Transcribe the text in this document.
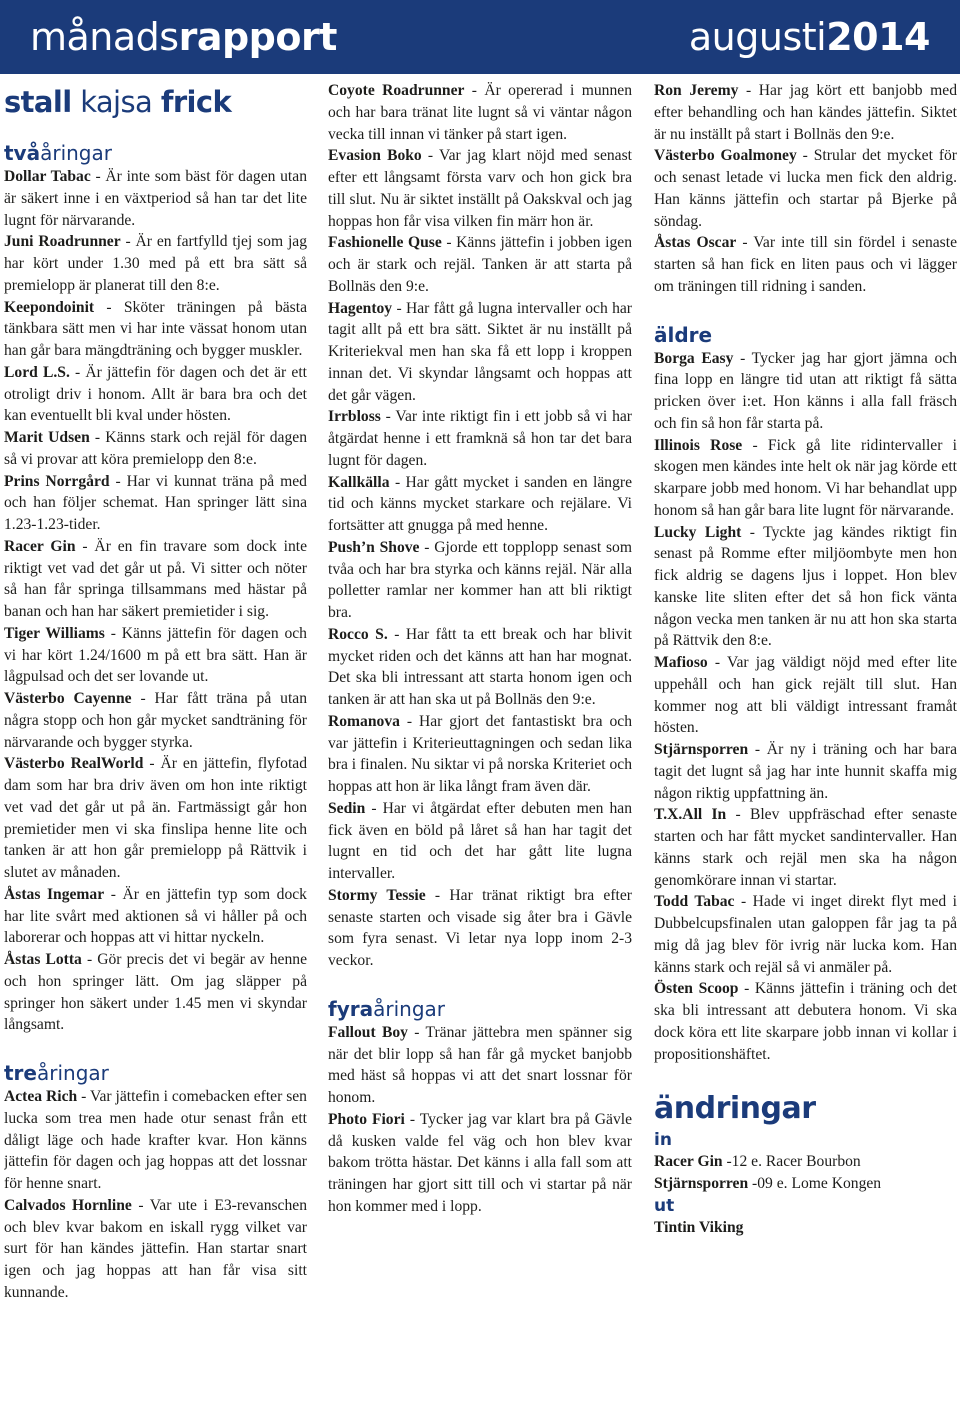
månadsrapport	augusti2014
stall kajsa frick
tvååringar

Dollar Tabac - Är inte som bäst för dagen utan är säkert inne i en växtperiod så han tar det lite lugnt för närvarande.

Juni Roadrunner - Är en fartfylld tjej som jag har kört under 1.30 med på ett bra sätt så premielopp är planerat till den 8:e.

Keepondoinit - Sköter träningen på bästa tänkbara sätt men vi har inte vässat honom utan han går bara mängdträning och bygger muskler.

Lord L.S. - Är jättefin för dagen och det är ett otroligt driv i honom. Allt är bara bra och det kan eventuellt bli kval under hösten.

Marit Udsen - Känns stark och rejäl för dagen så vi provar att köra premielopp den 8:e.

Prins Norrgård - Har vi kunnat träna på med och han följer schemat. Han springer lätt sina 1.23-1.23-tider.

Racer Gin - Är en fin travare som dock inte riktigt vet vad det går ut på. Vi sitter och nöter så han får springa tillsammans med hästar på banan och han har säkert premietider i sig.

Tiger Williams - Känns jättefin för dagen och vi har kört 1.24/1600 m på ett bra sätt. Han är lågpulsad och det ser lovande ut.

Västerbo Cayenne - Har fått träna på utan några stopp och hon går mycket sandträning för närvarande och bygger styrka.

Västerbo RealWorld - Är en jättefin, flyfotad dam som har bra driv även om hon inte riktigt vet vad det går ut på än. Fartmässigt går hon premietider men vi ska finslipa henne lite och tanken är att hon går premielopp på Rättvik i slutet av månaden.

Åstas Ingemar - Är en jättefin typ som dock har lite svårt med aktionen så vi håller på och laborerar och hoppas att vi hittar nyckeln.

Åstas Lotta - Gör precis det vi begär av henne och hon springer lätt. Om jag släpper på springer hon säkert under 1.45 men vi skyndar långsamt.

treåringar

Actea Rich - Var jättefin i comebacken efter sen lucka som trea men hade otur senast från ett dåligt läge och hade krafter kvar. Hon känns jättefin för dagen och jag hoppas att det lossnar för henne snart.

Calvados Hornline - Var ute i E3-revanschen och blev kvar bakom en iskall rygg vilket var surt för han kändes jättefin. Han startar snart igen och jag hoppas att han får visa sitt kunnande.

Coyote Roadrunner - Är opererad i munnen och har bara tränat lite lugnt så vi väntar någon vecka till innan vi tänker på start igen.

Evasion Boko - Var jag klart nöjd med senast efter ett långsamt första varv och hon gick bra till slut. Nu är siktet inställt på Oakskval och jag hoppas hon får visa vilken fin märr hon är.

Fashionelle Quse - Känns jättefin i jobben igen och är stark och rejäl. Tanken är att starta på Bollnäs den 9:e.

Hagentoy - Har fått gå lugna intervaller och har tagit allt på ett bra sätt. Siktet är nu inställt på Kriteriekval men han ska få ett lopp i kroppen innan det. Vi skyndar långsamt och hoppas att det går vägen.

Irrbloss - Var inte riktigt fin i ett jobb så vi har åtgärdat henne i ett framknä så hon tar det bara lugnt för dagen.

Kallkälla - Har gått mycket i sanden en längre tid och känns mycket starkare och rejälare. Vi fortsätter att gnugga på med henne.

Push’n Shove - Gjorde ett topplopp senast som tvåa och har bra styrka och känns rejäl. När alla polletter ramlar ner kommer han att bli riktigt bra.

Rocco S. - Har fått ta ett break och har blivit mycket riden och det känns att han har mognat. Det ska bli intressant att starta honom igen och tanken är att han ska ut på Bollnäs den 9:e.

Romanova - Har gjort det fantastiskt bra och var jättefin i Kriterieuttagningen och sedan lika bra i finalen. Nu siktar vi på norska Kriteriet och hoppas att hon är lika långt fram även där.

Sedin - Har vi åtgärdat efter debuten men han fick även en böld på låret så han har tagit det lugnt en tid och det har gått lite lugna intervaller.

Stormy Tessie - Har tränat riktigt bra efter senaste starten och visade sig åter bra i Gävle som fyra senast. Vi letar nya lopp inom 2-3 veckor.

fyraåringar

Fallout Boy - Tränar jättebra men spänner sig när det blir lopp så han får gå mycket banjobb med häst så hoppas vi att det snart lossnar för honom.

Photo Fiori - Tycker jag var klart bra på Gävle då kusken valde fel väg och hon blev kvar bakom trötta hästar. Det känns i alla fall som att träningen har gjort sitt till och vi startar på när hon kommer med i lopp.

Ron Jeremy - Har jag kört ett banjobb med efter behandling och han kändes jättefin. Siktet är nu inställt på start i Bollnäs den 9:e.

Västerbo Goalmoney - Strular det mycket för och senast letade vi lucka men fick den aldrig. Han känns jättefin och startar på Bjerke på söndag.

Åstas Oscar - Var inte till sin fördel i senaste starten så han fick en liten paus och vi lägger om träningen till ridning i sanden.

äldre

Borga Easy - Tycker jag har gjort jämna och fina lopp en längre tid utan att riktigt få sätta pricken över i:et. Hon känns i alla fall fräsch och fin så hon får starta på.

Illinois Rose - Fick gå lite ridintervaller i skogen men kändes inte helt ok när jag körde ett skarpare jobb med honom. Vi har behandlat upp honom så han går bara lite lugnt för närvarande.

Lucky Light - Tyckte jag kändes riktigt fin senast på Romme efter miljöombyte men hon fick aldrig se dagens ljus i loppet. Hon blev kanske lite sliten efter det så hon fick vänta någon vecka men tanken är nu att hon ska starta på Rättvik den 8:e.

Mafioso - Var jag väldigt nöjd med efter lite uppehåll och han gick rejält till slut. Han kommer nog att bli väldigt intressant framåt hösten.

Stjärnsporren - Är ny i träning och har bara tagit det lugnt så jag har inte hunnit skaffa mig någon riktig uppfattning än.

T.X.All In - Blev uppfräschad efter senaste starten och har fått mycket sandintervaller. Han känns stark och rejäl men ska ha någon genomkörare innan vi startar.

Todd Tabac - Hade vi inget direkt flyt med i Dubbelcupsfinalen utan galoppen får jag ta på mig då jag blev för ivrig när lucka kom. Han känns stark och rejäl så vi anmäler på.

Östen Scoop - Känns jättefin i träning och det ska bli intressant att debutera honom. Vi ska dock köra ett lite skarpare jobb innan vi kollar i propositionshäftet.

ändringar
in

Racer Gin -12 e. Racer Bourbon

Stjärnsporren -09 e. Lome Kongen

ut

Tintin Viking
